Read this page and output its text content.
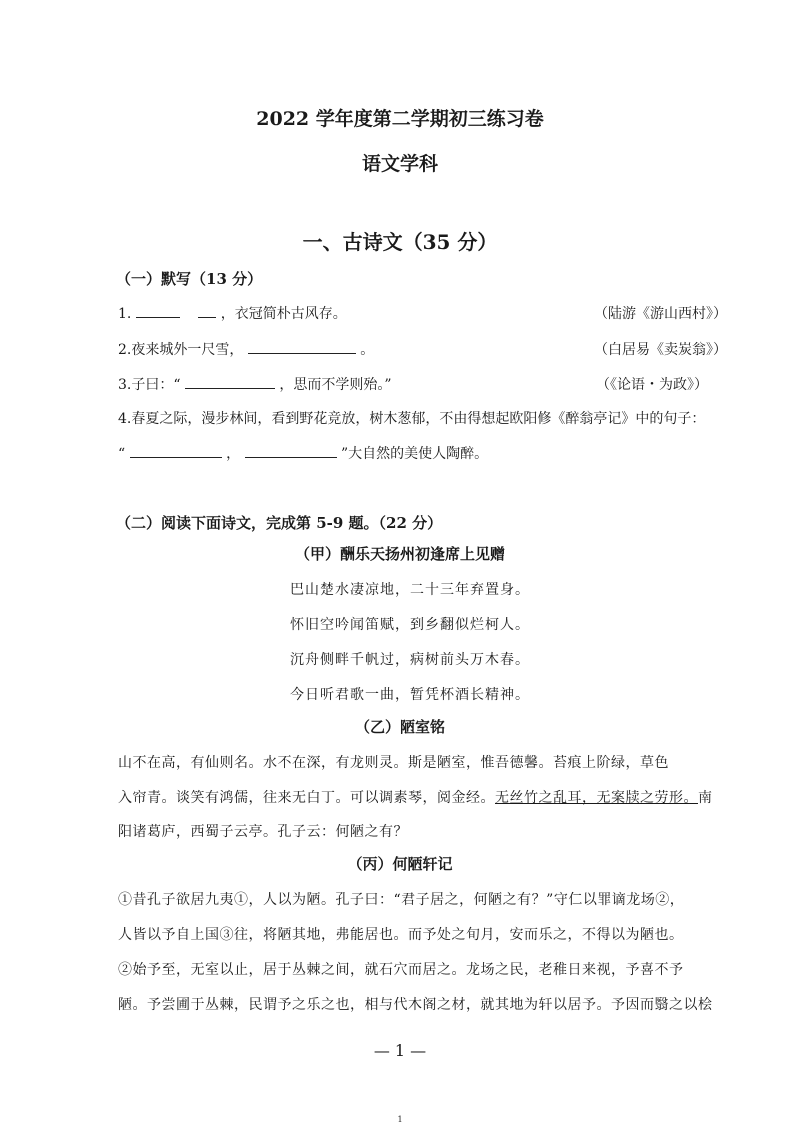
2022 学年度第二学期初三练习卷
语文学科
一、古诗文（35 分）
（一）默写（13 分）
1.	，衣冠简朴古风存。	（陆游《游山西村》）
2.夜来城外一尺雪，	。	（白居易《卖炭翁》）
3.子曰：“	，思而不学则殆。”	（《论语・为政》）
4.春夏之际，漫步林间，看到野花竞放，树木葱郁，不由得想起欧阳修《醉翁亭记》中的句子：
“	，	”大自然的美使人陶醉。
（二）阅读下面诗文，完成第 5-9 题。（22 分）
（甲）酬乐天扬州初逢席上见赠
巴山楚水凄凉地，二十三年弃置身。
怀旧空吟闻笛赋，到乡翻似烂柯人。
沉舟侧畔千帆过，病树前头万木春。
今日听君歌一曲，暂凭杯酒长精神。
（乙）陋室铭
山不在高，有仙则名。水不在深，有龙则灵。斯是陋室，惟吾德馨。苔痕上阶绿，草色
入帘青。谈笑有鸿儒，往来无白丁。可以调素琴，阅金经。无丝竹之乱耳，无案牍之劳形。南
阳诸葛庐，西蜀子云亭。孔子云：何陋之有？
（丙）何陋轩记
①昔孔子欲居九夷①，人以为陋。孔子曰：“君子居之，何陋之有？”守仁以罪谪龙场②，
人皆以予自上国③往，将陋其地，弗能居也。而予处之旬月，安而乐之，不得以为陋也。
②始予至，无室以止，居于丛棘之间，就石穴而居之。龙场之民，老稚日来视，予喜不予
陋。予尝圃于丛棘，民谓予之乐之也，相与代木阁之材，就其地为轩以居予。予因而翳之以桧
— 1 —
1
